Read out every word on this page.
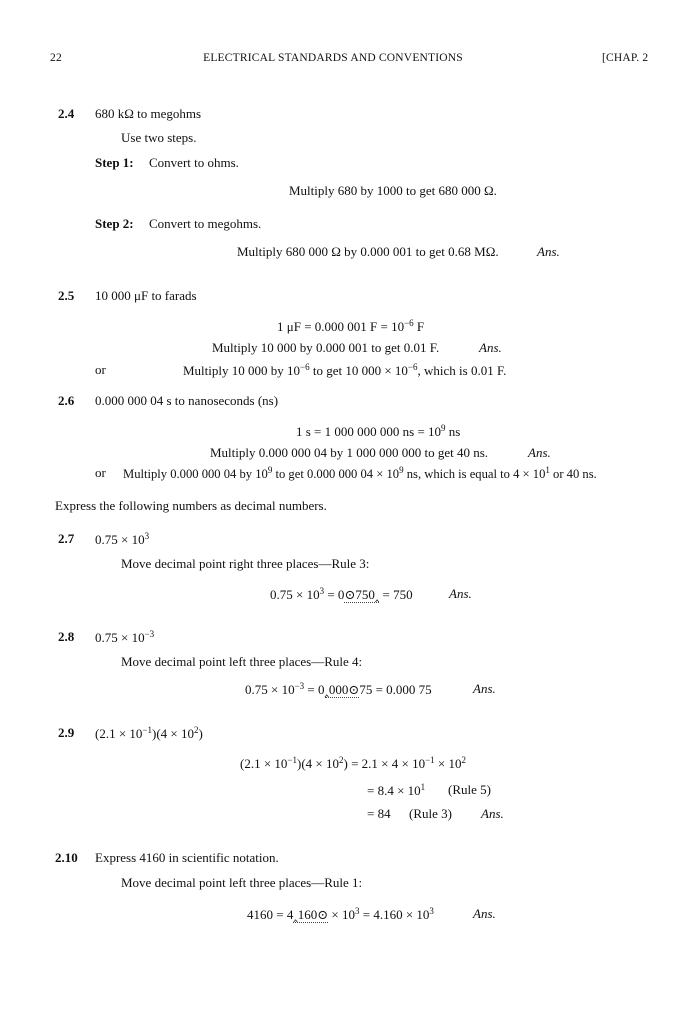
22	ELECTRICAL STANDARDS AND CONVENTIONS	[CHAP. 2
2.4 680 kΩ to megohms
Use two steps.
Step 1: Convert to ohms.
Multiply 680 by 1000 to get 680 000 Ω.
Step 2: Convert to megohms.
Multiply 680 000 Ω by 0.000 001 to get 0.68 MΩ.	Ans.
2.5 10 000 μF to farads
1 μF = 0.000 001 $F = 10^{-6}$ F
Multiply 10 000 by 0.000 001 to get 0.01 F.	Ans.
or	Multiply 10 000 by $10^{-6}$ to get 10 $000 \times 10^{-6}$, which is 0.01 F.
2.6 0.000 000 04 s to nanoseconds (ns)
1 s = 1 000 000 000 ns = $10^9$ ns
Multiply 0.000 000 04 by 1 000 000 000 to get 40 ns.	Ans.
or Multiply 0.000 000 04 by $10^9$ to get 0.000 000 $04 \times 10^9$ ns, which is equal to $4 \times 10^1$ or 40 ns.
Express the following numbers as decimal numbers.
2.7 $0.75 \times 10^3$
Move decimal point right three places—Rule 3:
$0.75 \times 10^3$ = 0⊙750‸ = 750	Ans.
2.8 $0.75 \times 10^{-3}$
Move decimal point left three places—Rule 4:
$0.75 \times 10^{-3}$ = 0‸000⊙75 = 0.000 75	Ans.
2.9 $(2.1 \times 10^{-1})(4 \times 10^2)$
$(2.1 \times 10^{-1})(4 \times 10^2) = 2.1 \times 4 \times 10^{-1} \times 10^2$
= $8.4 \times 10^1$ (Rule 5)
= 84 (Rule 3) Ans.
2.10 Express 4160 in scientific notation.
Move decimal point left three places—Rule 1:
4160 = 4‸160⊙ × $10^3 = 4.160 \times 10^3$	Ans.
